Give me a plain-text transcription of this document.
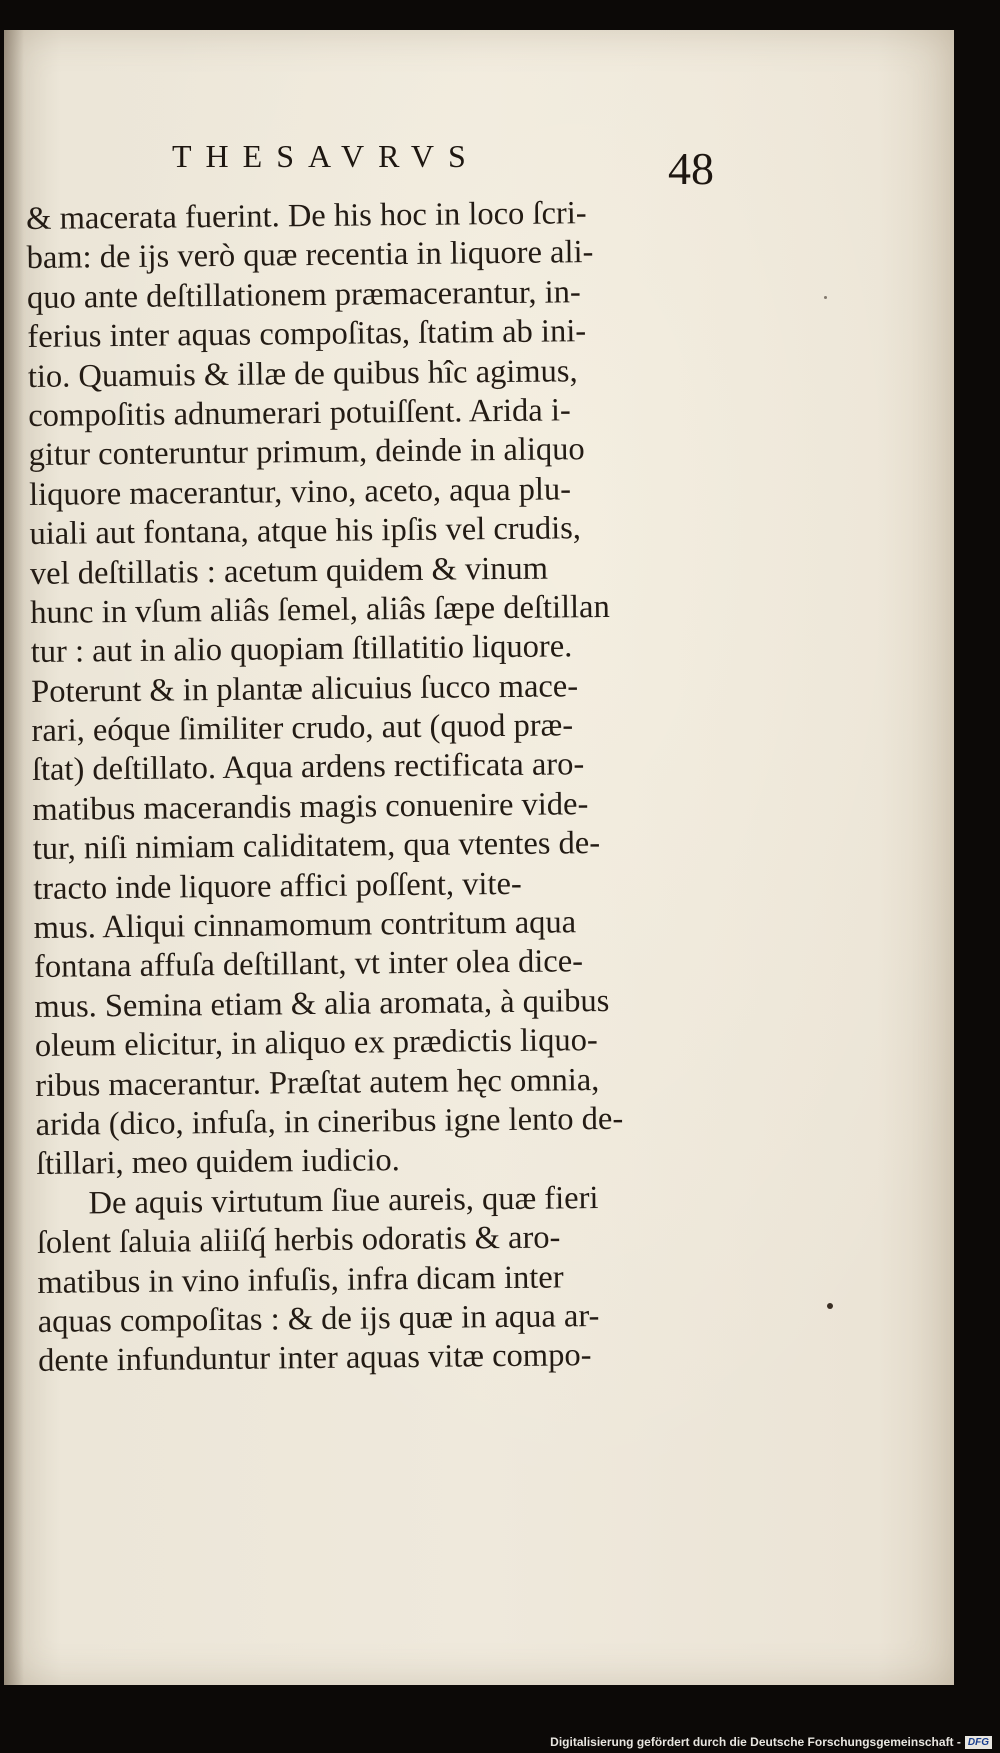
THESAVRVS	48
& macerata fuerint. De his hoc in loco ſcri-
bam: de ijs verò quæ recentia in liquore ali-
quo ante deſtillationem præmacerantur, in-
ferius inter aquas compoſitas, ſtatim ab ini-
tio. Quamuis & illæ de quibus hîc agimus,
compoſitis adnumerari potuiſſent. Arida i-
gitur conteruntur primum, deinde in aliquo
liquore macerantur, vino, aceto, aqua plu-
uiali aut fontana, atque his ipſis vel crudis,
vel deſtillatis : acetum quidem & vinum
hunc in vſum aliâs ſemel, aliâs ſæpe deſtillan
tur : aut in alio quopiam ſtillatitio liquore.
Poterunt & in plantæ alicuius ſucco mace-
rari, eóque ſimiliter crudo, aut (quod præ-
ſtat) deſtillato. Aqua ardens rectificata aro-
matibus macerandis magis conuenire vide-
tur, niſi nimiam caliditatem, qua vtentes de-
tracto inde liquore affici poſſent, vite-
mus. Aliqui cinnamomum contritum aqua
fontana affuſa deſtillant, vt inter olea dice-
mus. Semina etiam & alia aromata, à quibus
oleum elicitur, in aliquo ex prædictis liquo-
ribus macerantur. Præſtat autem hęc omnia,
arida (dico, infuſa, in cineribus igne lento de-
ſtillari, meo quidem iudicio.
De aquis virtutum ſiue aureis, quæ fieri
ſolent ſaluia aliiſq́ herbis odoratis & aro-
matibus in vino infuſis, infra dicam inter
aquas compoſitas : & de ijs quæ in aqua ar-
dente infunduntur inter aquas vitæ compo-
Digitalisierung gefördert durch die Deutsche Forschungsgemeinschaft - DFG
